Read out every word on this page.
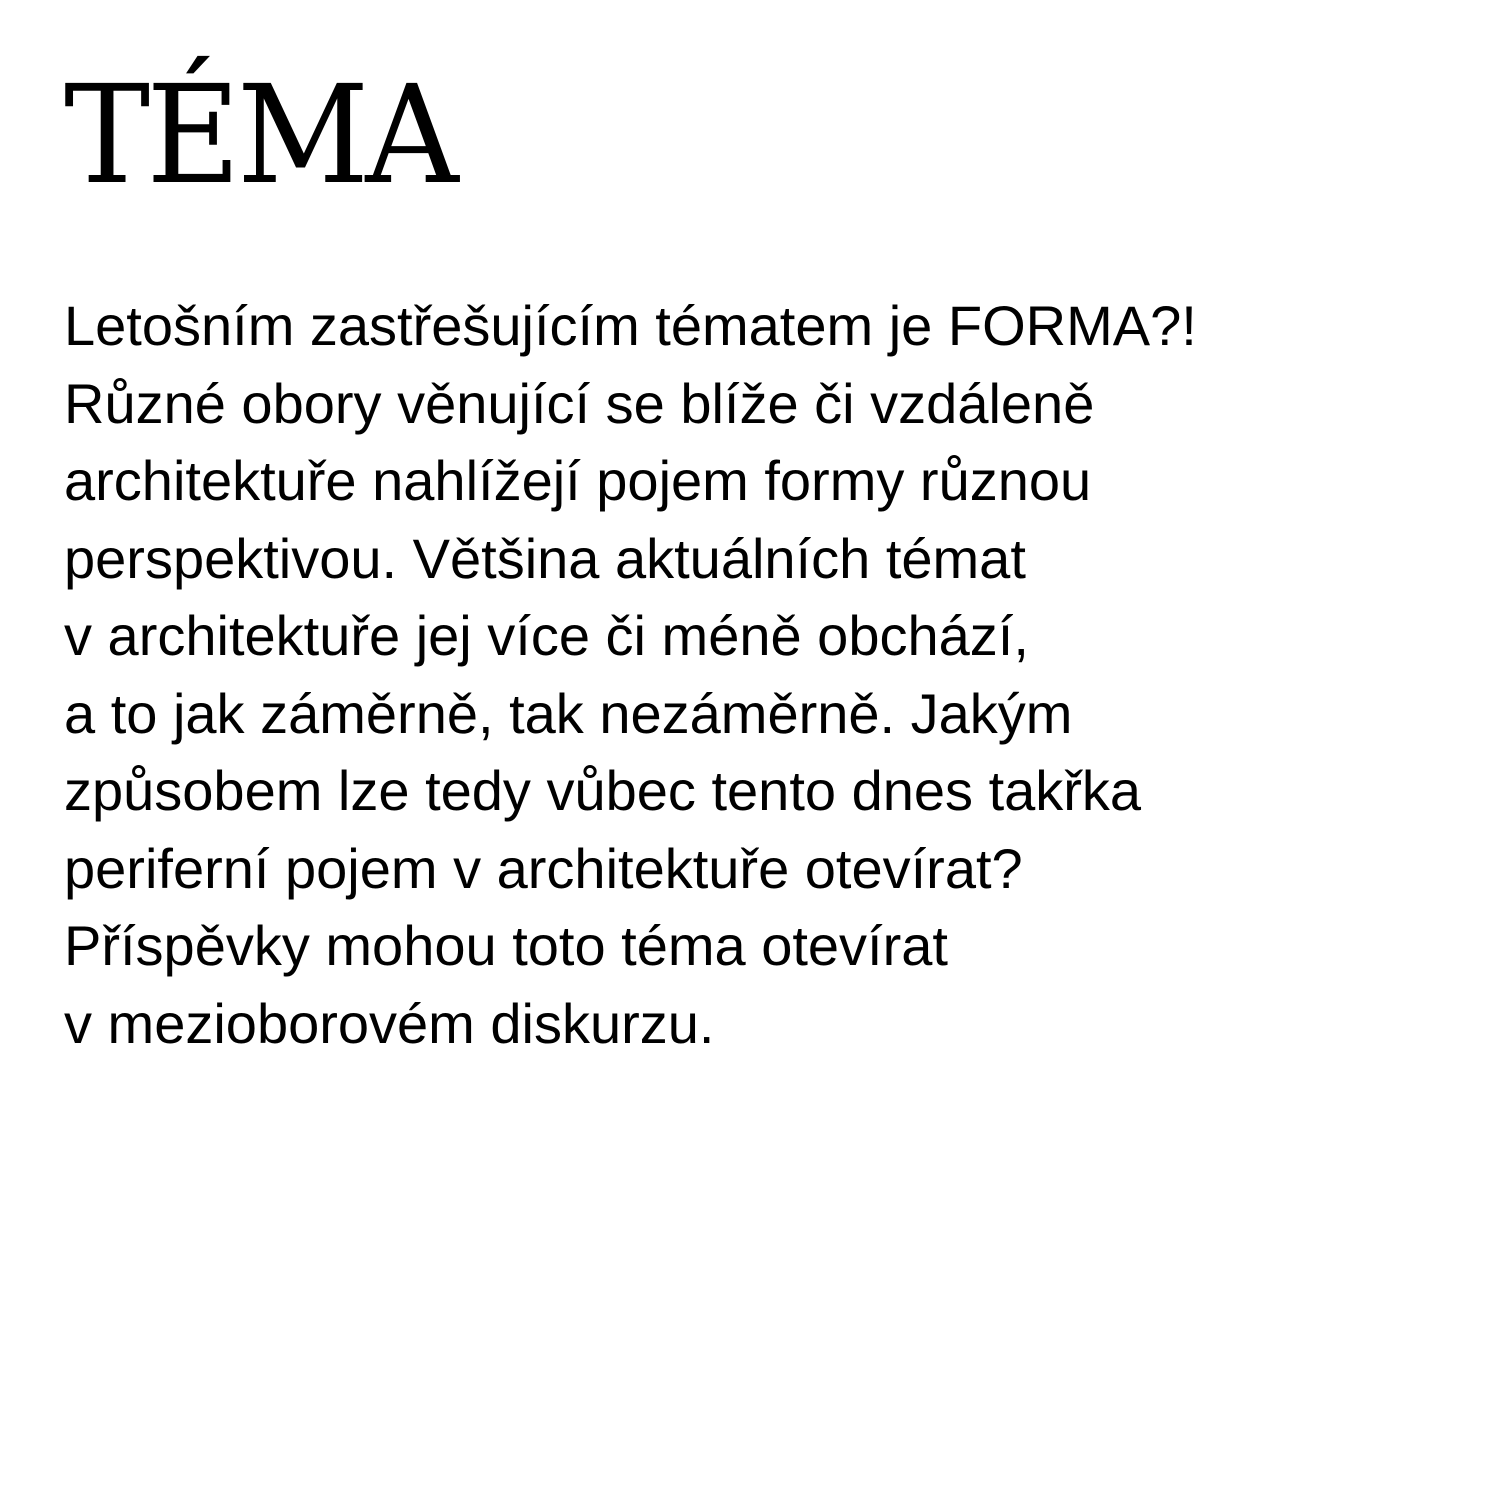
TÉMA
Letošním zastřešujícím tématem je FORMA?!
Různé obory věnující se blíže či vzdáleně
architektuře nahlížejí pojem formy různou
perspektivou. Většina aktuálních témat
v architektuře jej více či méně obchází,
a to jak záměrně, tak nezáměrně. Jakým
způsobem lze tedy vůbec tento dnes takřka
periferní pojem v architektuře otevírat?
Příspěvky mohou toto téma otevírat
v mezioborovém diskurzu.
